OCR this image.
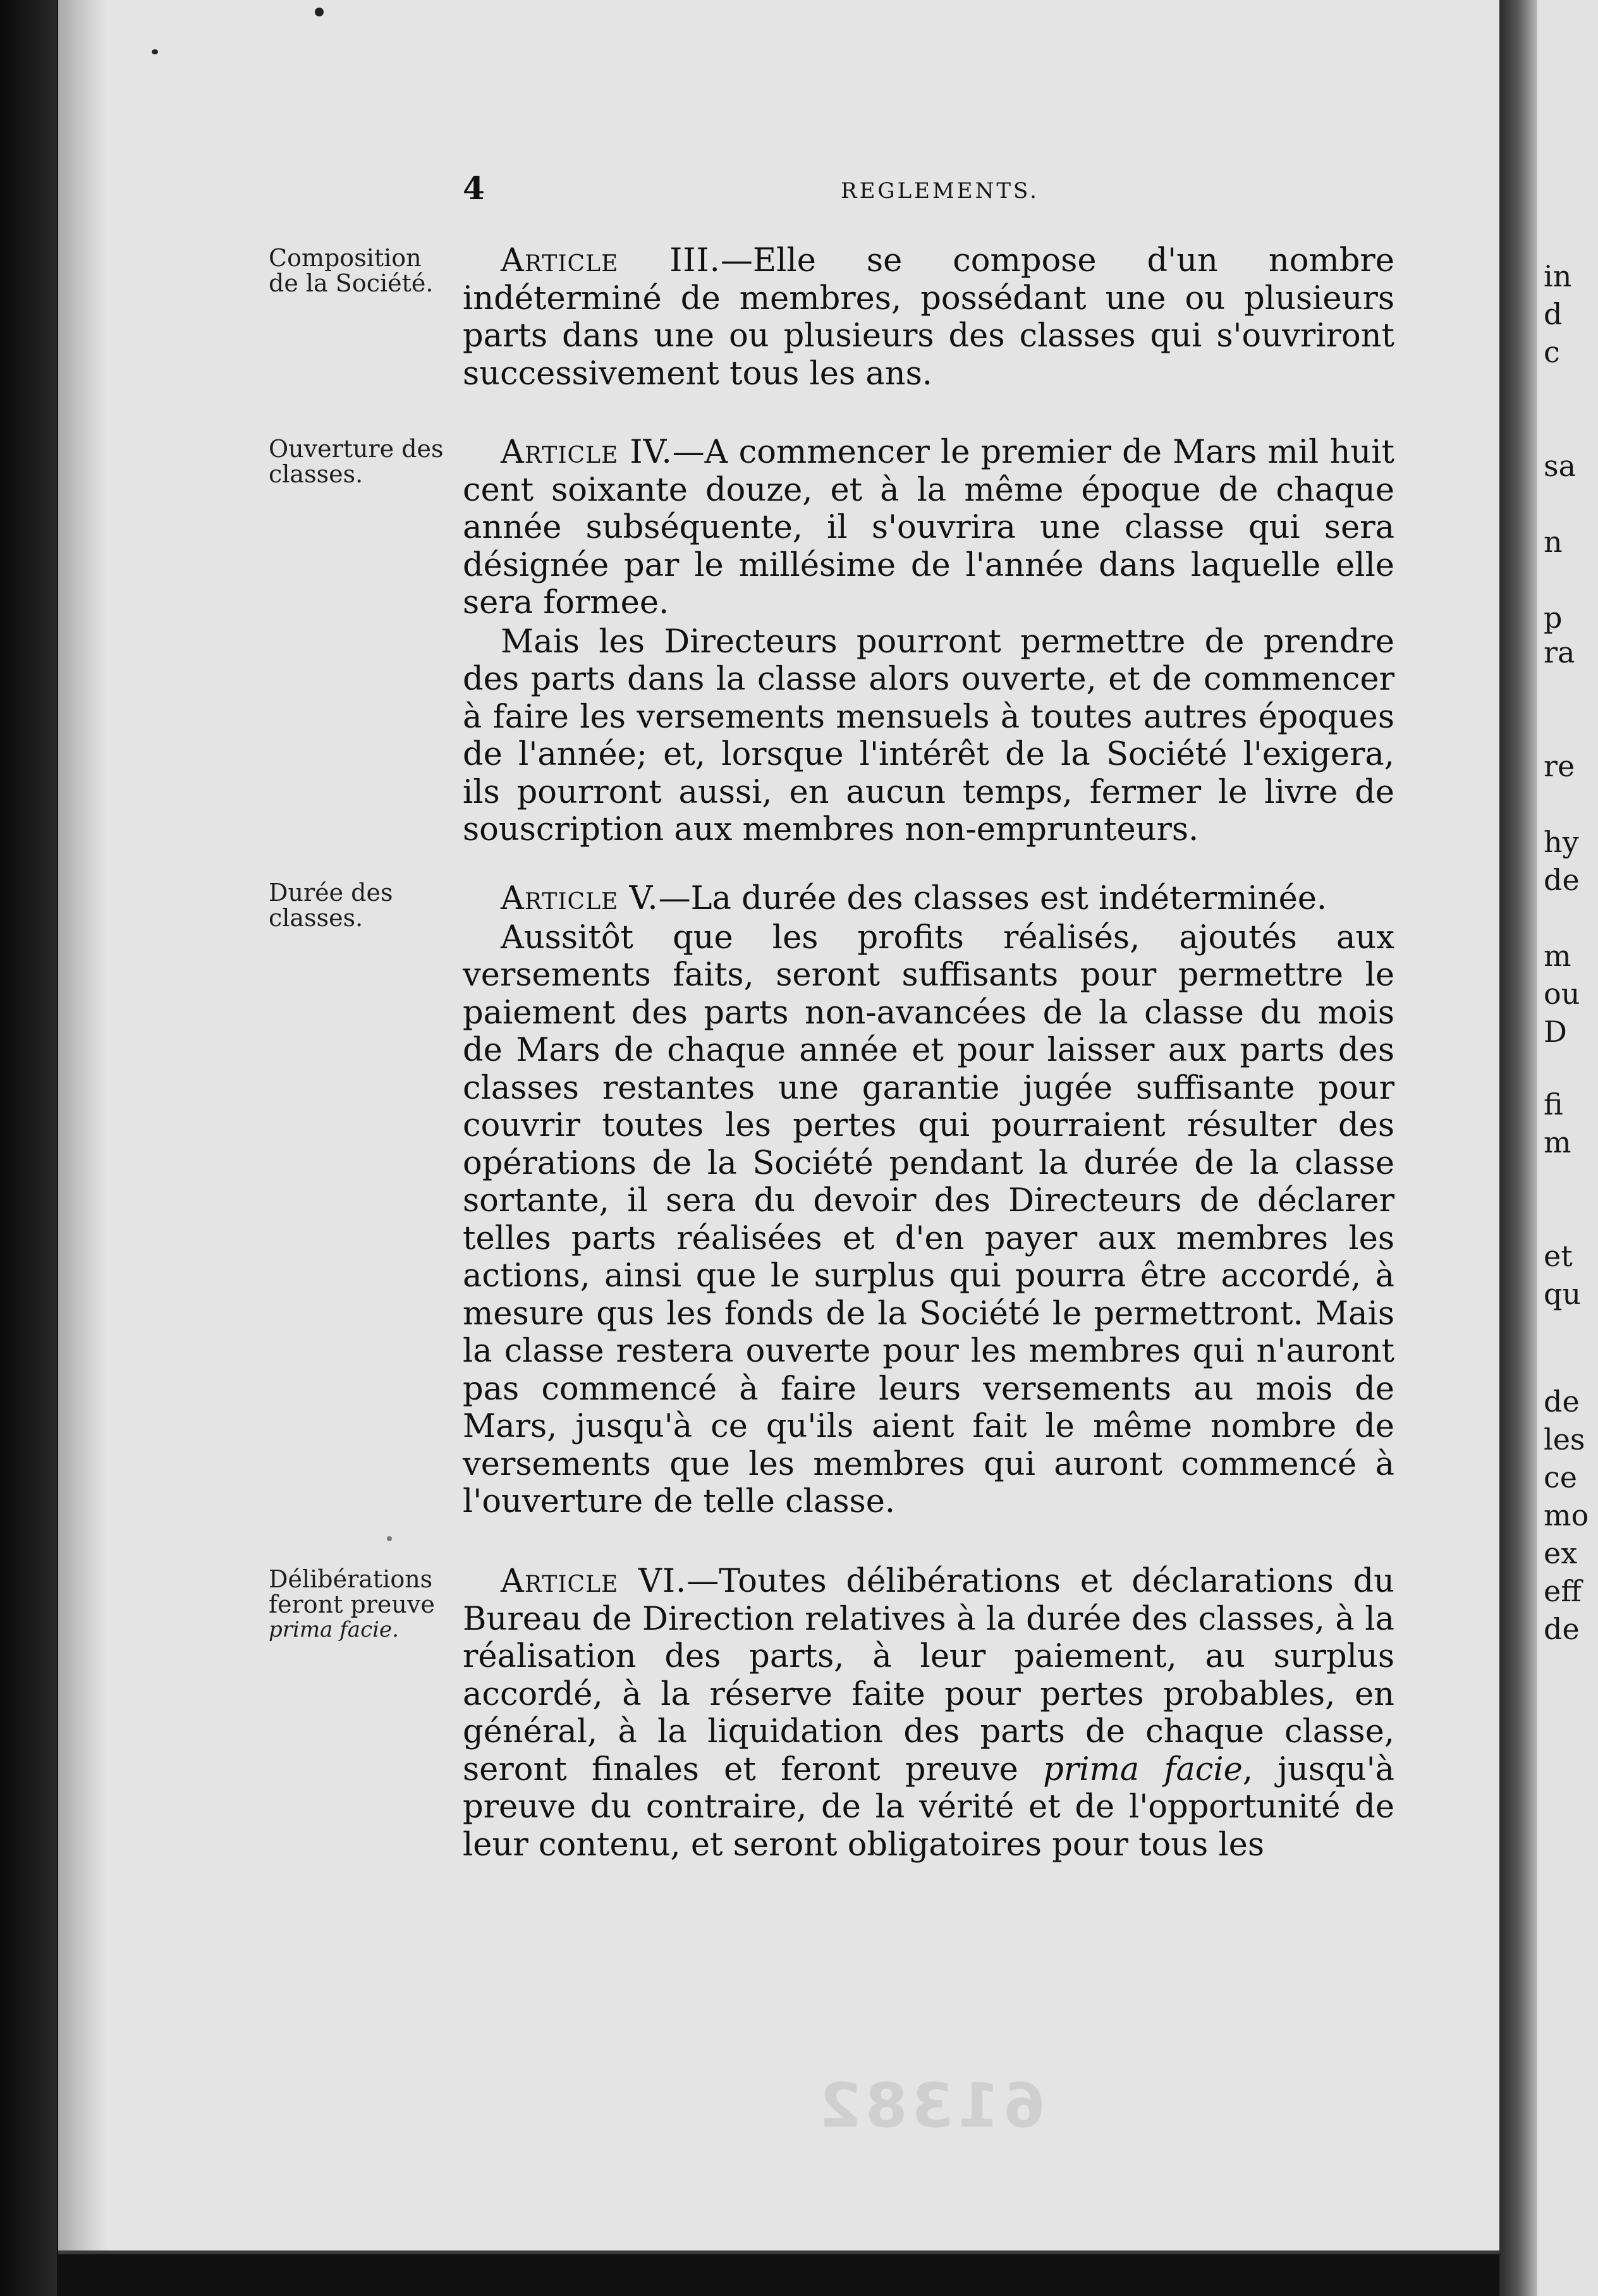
in
d
c
sa
n
p
ra
re
hy
de
m
ou
D
fi
m
et
qu
de
les
ce
mo
ex
eff
de
4	REGLEMENTS.
Composition
de la Société.

Article III.—Elle se compose d'un nombre indéterminé de membres, possédant une ou plusieurs parts dans une ou plusieurs des classes qui s'ouvriront successivement tous les ans.

Ouverture des
classes.

Article IV.—A commencer le premier de Mars mil huit cent soixante douze, et à la même époque de chaque année subséquente, il s'ouvrira une classe qui sera désignée par le millésime de l'année dans laquelle elle sera formee.

Mais les Directeurs pourront permettre de prendre des parts dans la classe alors ouverte, et de commencer à faire les versements mensuels à toutes autres époques de l'année; et, lorsque l'intérêt de la Société l'exigera, ils pourront aussi, en aucun temps, fermer le livre de souscription aux membres non-emprunteurs.

Durée des
classes.

Article V.—La durée des classes est indéterminée.

Aussitôt que les profits réalisés, ajoutés aux versements faits, seront suffisants pour permettre le paiement des parts non-avancées de la classe du mois de Mars de chaque année et pour laisser aux parts des classes restantes une garantie jugée suffisante pour couvrir toutes les pertes qui pourraient résulter des opérations de la Société pendant la durée de la classe sortante, il sera du devoir des Directeurs de déclarer telles parts réalisées et d'en payer aux membres les actions, ainsi que le surplus qui pourra être accordé, à mesure qus les fonds de la Société le permettront. Mais la classe restera ouverte pour les membres qui n'auront pas commencé à faire leurs versements au mois de Mars, jusqu'à ce qu'ils aient fait le même nombre de versements que les membres qui auront commencé à l'ouverture de telle classe.

Délibérations
feront preuve
prima facie.

Article VI.—Toutes délibérations et déclarations du Bureau de Direction relatives à la durée des classes, à la réalisation des parts, à leur paiement, au surplus accordé, à la réserve faite pour pertes probables, en général, à la liquidation des parts de chaque classe, seront finales et feront preuve prima facie, jusqu'à preuve du contraire, de la vérité et de l'opportunité de leur contenu, et seront obligatoires pour tous les

61382
